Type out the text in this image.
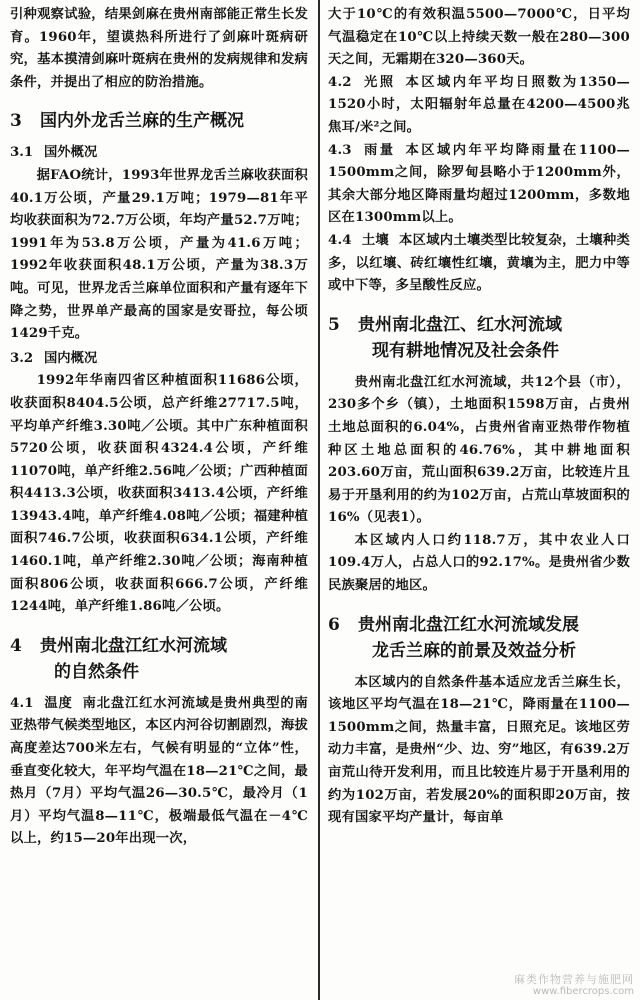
引种观察试验，结果剑麻在贵州南部能正常生长发育。1960年，望谟热科所进行了剑麻叶斑病研究，基本摸清剑麻叶斑病在贵州的发病规律和发病条件，并提出了相应的防治措施。

3 国内外龙舌兰麻的生产概况
3.1 国外概况

据FAO统计，1993年世界龙舌兰麻收获面积40.1万公顷，产量29.1万吨；1979—81年平均收获面积为72.7万公顷，年均产量52.7万吨；1991年为53.8万公顷，产量为41.6万吨；1992年收获面积48.1万公顷，产量为38.3万吨。可见，世界龙舌兰麻单位面积和产量有逐年下降之势，世界单产最高的国家是安哥拉，每公顷1429千克。

3.2 国内概况

1992年华南四省区种植面积11686公顷，收获面积8404.5公顷，总产纤维27717.5吨，平均单产纤维3.30吨／公顷。其中广东种植面积5720公顷，收获面积4324.4公顷，产纤维11070吨，单产纤维2.56吨／公顷；广西种植面积4413.3公顷，收获面积3413.4公顷，产纤维13943.4吨，单产纤维4.08吨／公顷；福建种植面积746.7公顷，收获面积634.1公顷，产纤维1460.1吨，单产纤维2.30吨／公顷；海南种植面积806公顷，收获面积666.7公顷，产纤维1244吨，单产纤维1.86吨／公顷。

4 贵州南北盘江红水河流域
的自然条件

4.1 温度 南北盘江红水河流域是贵州典型的南亚热带气候类型地区，本区内河谷切割剧烈，海拔高度差达700米左右，气候有明显的“立体”性，垂直变化较大，年平均气温在18—21℃之间，最热月（7月）平均气温26—30.5℃，最冷月（1月）平均气温8—11℃，极端最低气温在－4℃以上，约15—20年出现一次，

大于10℃的有效积温5500—7000℃，日平均气温稳定在10℃以上持续天数一般在280—300天之间，无霜期在320—360天。

4.2 光照 本区域内年平均日照数为1350—1520小时，太阳辐射年总量在4200—4500兆焦耳/米²之间。

4.3 雨量 本区域内年平均降雨量在1100—1500mm之间，除罗甸县略小于1200mm外，其余大部分地区降雨量均超过1200mm，多数地区在1300mm以上。

4.4 土壤 本区域内土壤类型比较复杂，土壤种类多，以红壤、砖红壤性红壤，黄壤为主，肥力中等或中下等，多呈酸性反应。

5 贵州南北盘江、红水河流域
现有耕地情况及社会条件

贵州南北盘江红水河流域，共12个县（市），230多个乡（镇），土地面积1598万亩，占贵州土地总面积的6.04%，占贵州省南亚热带作物植种区土地总面积的46.76%，其中耕地面积203.60万亩，荒山面积639.2万亩，比较连片且易于开垦利用的约为102万亩，占荒山草坡面积的16%（见表1）。

本区域内人口约118.7万，其中农业人口109.4万人，占总人口的92.17%。是贵州省少数民族聚居的地区。

6 贵州南北盘江红水河流域发展
龙舌兰麻的前景及效益分析

本区域内的自然条件基本适应龙舌兰麻生长，该地区平均气温在18—21℃，降雨量在1100—1500mm之间，热量丰富，日照充足。该地区劳动力丰富，是贵州“少、边、穷”地区，有639.2万亩荒山待开发利用，而且比较连片易于开垦利用的约为102万亩，若发展20%的面积即20万亩，按现有国家平均产量计，每亩单

麻类作物营养与施肥网
www.fibercrops.com
